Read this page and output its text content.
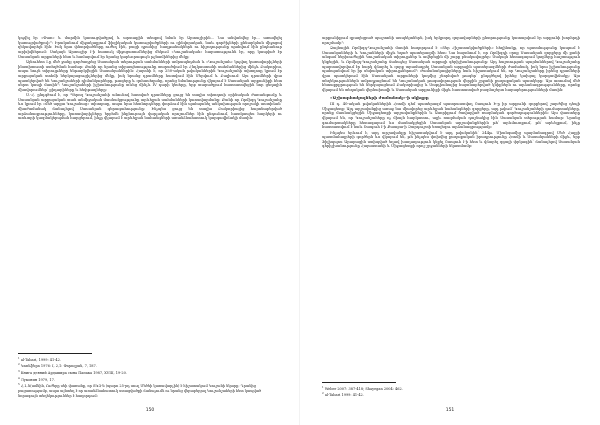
կոչվել էր «Փառ» և մարմին կառուցվածքով և արտաքին տեսքով նման էր Արտաշիրին... Նա անվանվեց էր... առավելել կառուցվածքով»³։ Իրականում միջակայքում ֆիզիկական կառուցվածքների ու զինվորական, նաև գործիչների քննարկման միջոցով ղեկավարելն էին։ Իսկ նրա փնտրվածները ուժեղ էին, բացի դրանից՝ հաղթանակներն ու հիշողությունը պահվում էին ընդհանուր արխիվներում։ Սակայն Արտաշիր I-ի հատուկ միջոցառումներից մեկում «Կուշանական» հարստությունն էր, որը կապված էր Սասանյան արքաների հետ և համարվում էր նրանց կարևորագույն թշնամիներից մեկը։

Այնուհետ I֊ը մեծ ջանք գործադրեց Սասանյան տերության սահմանների ամրապնդման և «Կուշանշահ» կոչվող կառավարիչների ինստիտուտի ստեղծման համար։ Քանի որ նրանց տիրապետությունը տարածվում էր Հնդկաստանի սահմաններից մինչև Բակտրիա, ապա նույն տիրույթները ենթարկվեցին Սասանյաններին։ Հայտնի է, որ 250-ական թվականներին Կուշանշահի տիտղոսը կրում էր արքայական տոհմի ներկայացուցիչներից մեկը, իսկ նրանց դրամները հատվում էին Մերվում և Բալխում։ Այս դրամների վրա պատկերված են Կուշանշահերի դիմանկարները, թագերը և զոհասեղանը, որոնց նմանությունը վկայում է Սասանյան արքունիքի հետ սերտ կապի մասին³։ Կուշանշահերի իշխանությունը տևեց մինչև IV դարի կեսերը, երբ տարածքում հաստատվեցին նոր ցեղային միավորումներ՝ քիդարիները և հեփթաղները։

Ս.-Հ. ընդգծում է, որ Պերոզ Կուշանշահի անունով հատված դրամները ցույց են տալիս տիտղոսի օրինական ժառանգումը և Սասանյան արքայական տան անմիջական մասնակցությունը արևելյան սահմանների կառավարմանը։ Քանի որ Որմիզդ Կուշանշահը ևս կրում էր «մեծ արքա Կուշանաց» տիտղոսը, ապա նրա հետնորդները փորձում էին պահպանել անկախության որոշակի աստիճան՝ միաժամանակ ճանաչելով Սասանյան գերագահությունը։ Ինչպես ցույց են տալիս Բակտրիայից հայտնաբերված արձանագրությունները, կառավարիչները երբեմն ինքնուրույն վարչական որոշումներ էին ընդունում, հատկապես հարկերի ու առևտրի կազմակերպման հարցերում, ինչը վկայում է արևելյան նահանգների առանձնահատուկ կարգավիճակի մասին։

$^1$ al-Tabari, 1999: 41-42.

$^2$ Կոռնֆելտ 1976: I, 2,1: Փորոզյան, 7, 187.

$^3$ Книга деяний Ардашира сына Папака 1987, XVIII, 19-20.

$^4$ Луконин 1979, 17.

$^5$ Հ.Լ.ն(ամնին, Ուժերը սեի փառանք, որ ՏԿԶ-ն (պարո 25-րդ սուղ Մեծեի կառավարչին) է հիշատակում Կուշանի նկարը: Դրանից բացառությամբ, ապա այնտեղ է որ առանձնահատուկ ստացվածքի ճանաչումն ու նրանց վերաբերյալ Կուշանշահերի հետ կապված նորագույն տեղեկություններ է հաղորդում։

150

արքունիքում զբաղեցրած պաշտոնի ասպեկտներն, իսկ երկրորդ զորավարների ընտրությունը կատարվում էր արքունի խորհրդի որոշմամբ¹։

Ձայնային Որմիզդ-Կուշանշահի մասին հաղորդում է «Տեր Հիշատակվածքների» հեղինակը, որ պատմությունը կապում է Սասանյանների և Կուշանների միջև եղած պատերազմի հետ։ Նա հայտնում է, որ Որմիզդի օրոք Սասանյան զորքերը մի քանի անգամ ներխուժեցին Կուշանական տիրույթներ և ավերեցին մի շարք բնակավայրեր։ Սակայն հետագայում կողմերը հաշտություն կնքեցին, և Որմիզդ-Կուշանշահը ճանաչեց Սասանյան արքայի գերիշխանությունը։ Այդ հաշտության պայմաններով Կուշանշահը պարտավորվում էր հարկ վճարել և զորք տրամադրել Սասանյան արքային պատերազմների ժամանակ, իսկ նրա իշխանությունը պահպանվում էր իր սեփական տիրույթներում²։ Ժամանակագիրները նաև հիշատակում են, որ Կուշանշահերը իրենց դրամների վրա պատկերում էին Սասանյան արքաների կողմից շնորհված թագեր՝ ընդգծելով իրենց կախյալ կարգավիճակը։ Այս տեղեկություններն ամբողջացնում են Կուշանական թագավորության վերջին շրջանի քաղաքական պատկերը։ Այս առումով մեծ հետաքրքրություն են ներկայացնում Բակտրիայից և Սոգդիանայից հայտնաբերված կնիքներն ու արձանագրությունները, որոնք վկայում են տեղական վերնախավի և Սասանյան արքունիքի միջև հաստատված բազմաշերտ հարաբերությունների մասին։

«Աշխարհակալների ժամանակ»-ի սկիզբը

III դ. 40-ական թվականներին Հռոմի դեմ պատերազմ պատրաստվող Շապուհ Ի-ը իր արքունի զորքերով շարժվեց դեպի Միջագետք։ Այդ արշավանքից առաջ նա միավորեց արևելյան նահանգների զորքերը, այդ թվում՝ Կուշանշահերի գումարտակները, որոնք մասնակցեցին Միջագետքի արշավանքներին և Ասորիքում ծավալված ռազմական գործողություններին։ Այս փաստերը վկայում են, որ Կուշանշահերը ոչ միայն հարկատու, այլև ռազմական դաշնակից էին Սասանյան տերության համար։ Նրանց գումարտակները հետագայում ևս մասնակցեցին Սասանյան արշավանքներին թե՛ արևմուտքում, թե՛ արևելքում, ինչը հաստատվում է նաև Շապուհ I-ի Քաաբա-ի Զարդուշտի եռալեզու արձանագրությամբ։

Ինչպես երևում է, այդ արշավանքը հիշատակվում է այդ թվականին՝ 244թ. Միանգամից պայմանագրով Մեծ Հայքի պատմահայրերի գործերն ևս վկայում են, թե ինչպես փոխվեց քաղաքական իրադրությունը Հռոմի և Սասանյանների միջև, երբ Ֆիլիպպոս Արաբացին ստիպված եղավ խաղաղություն կնքել Շապուհ I-ի հետ և վճարել զգալի փրկագին՝ ճանաչելով Սասանյան գերիշխանությունը Հայաստանի և Միջագետքի որոշ շրջանների նկատմամբ։

$^1$ Weber 2007: 387-418; Shayegan 2004: 462.

$^2$ al-Tabari 1999: 41-42.

151
